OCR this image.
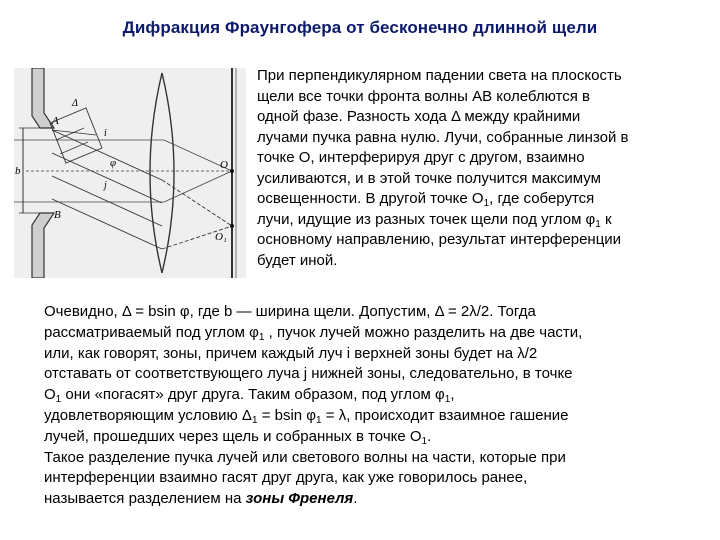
Дифракция Фраунгофера от бесконечно длинной щели
A
B
b
Δ
φ
i
j
O
O₁
При перпендикулярном падении света на плоскость
щели все точки фронта волны АВ колеблются в
одной фазе. Разность хода Δ между крайними
лучами пучка равна нулю. Лучи, собранные линзой в
точке О, интерферируя друг с другом, взаимно
усиливаются, и в этой точке получится максимум
освещенности. В другой точке $О_1$, где соберутся
лучи, идущие из разных точек щели под углом $\varphi_1$ к
основному направлению, результат интерференции
будет иной.
Очевидно, Δ = bsin φ, где b — ширина щели. Допустим, Δ = 2λ/2. Тогда
рассматриваемый под углом $\varphi_1$ , пучок лучей можно разделить на две части,
или, как говорят, зоны, причем каждый луч i верхней зоны будет на λ/2
отставать от соответствующего луча j нижней зоны, следовательно, в точке
$О_1$ они «погасят» друг друга. Таким образом, под углом $\varphi_1$,
удовлетворяющим условию $\Delta_1 = bsin$ $\varphi_1 = \lambda$, происходит взаимное гашение
лучей, прошедших через щель и собранных в точке $О_1$.
Такое разделение пучка лучей или светового волны на части, которые при
интерференции взаимно гасят друг друга, как уже говорилось ранее,
называется разделением на зоны Френеля.
